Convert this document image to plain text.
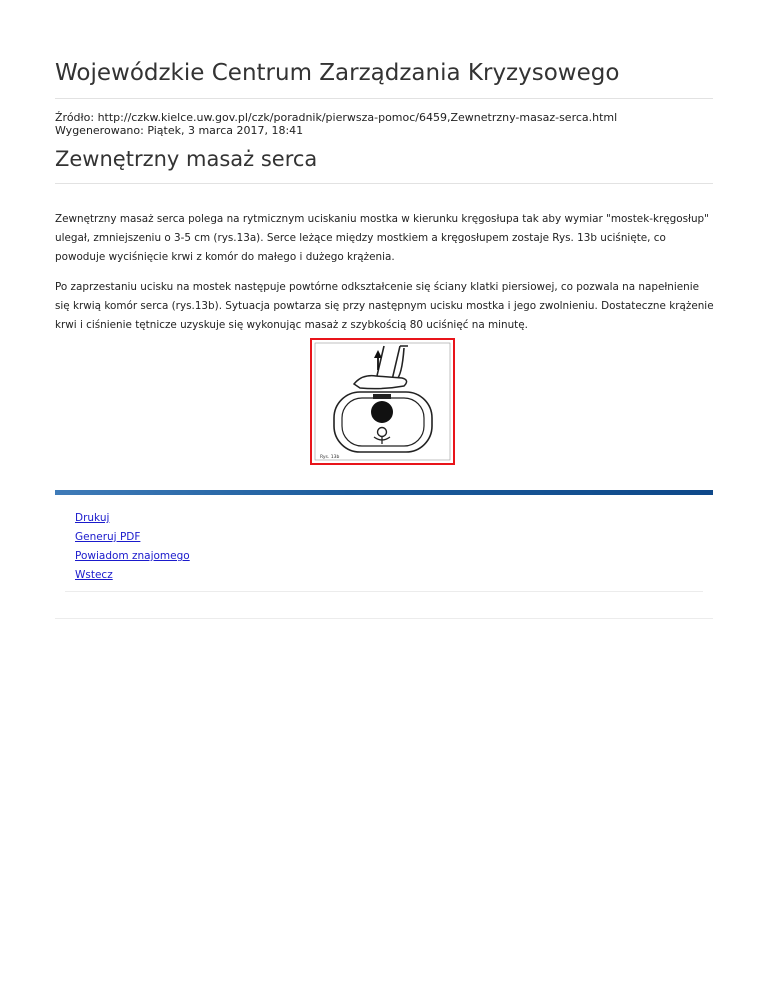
Wojewódzkie Centrum Zarządzania Kryzysowego
Źródło: http://czkw.kielce.uw.gov.pl/czk/poradnik/pierwsza-pomoc/6459,Zewnetrzny-masaz-serca.html
Wygenerowano: Piątek, 3 marca 2017, 18:41
Zewnętrzny masaż serca

Zewnętrzny masaż serca polega na rytmicznym uciskaniu mostka w kierunku kręgosłupa tak aby wymiar "mostek-kręgosłup" ulegał, zmniejszeniu o 3-5 cm (rys.13a). Serce leżące między mostkiem a kręgosłupem zostaje Rys. 13b uciśnięte, co powoduje wyciśnięcie krwi z komór do małego i dużego krążenia.

Po zaprzestaniu ucisku na mostek następuje powtórne odkształcenie się ściany klatki piersiowej, co pozwala na napełnienie się krwią komór serca (rys.13b). Sytuacja powtarza się przy następnym ucisku mostka i jego zwolnieniu. Dostateczne krążenie krwi i ciśnienie tętnicze uzyskuje się wykonując masaż z szybkością 80 uciśnięć na minutę.

Rys. 13b
Drukuj
Generuj PDF
Powiadom znajomego
Wstecz
